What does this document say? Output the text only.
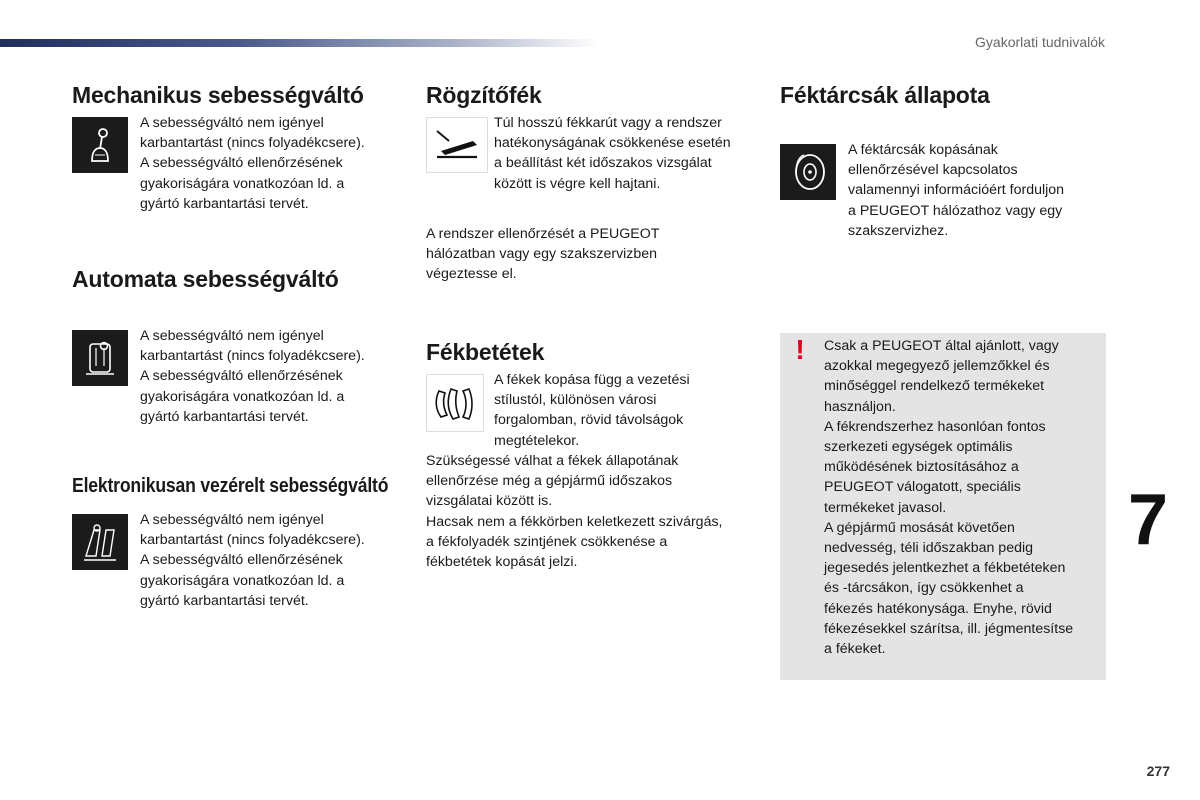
Gyakorlati tudnivalók
Mechanikus sebességváltó
A sebességváltó nem igényel
karbantartást (nincs folyadékcsere).
A sebességváltó ellenőrzésének
gyakoriságára vonatkozóan ld. a
gyártó karbantartási tervét.
Automata sebességváltó
A sebességváltó nem igényel
karbantartást (nincs folyadékcsere).
A sebességváltó ellenőrzésének
gyakoriságára vonatkozóan ld. a
gyártó karbantartási tervét.
Elektronikusan vezérelt sebességváltó
A sebességváltó nem igényel
karbantartást (nincs folyadékcsere).
A sebességváltó ellenőrzésének
gyakoriságára vonatkozóan ld. a
gyártó karbantartási tervét.
Rögzítőfék
Túl hosszú fékkarút vagy a rendszer
hatékonyságának csökkenése esetén
a beállítást két időszakos vizsgálat
között is végre kell hajtani.
A rendszer ellenőrzését a PEUGEOT
hálózatban vagy egy szakszervizben
végeztesse el.
Fékbetétek
A fékek kopása függ a vezetési
stílustól, különösen városi
forgalomban, rövid távolságok
megtételekor.
Szükségessé válhat a fékek állapotának
ellenőrzése még a gépjármű időszakos
vizsgálatai között is.
Hacsak nem a fékkörben keletkezett szivárgás,
a fékfolyadék szintjének csökkenése a
fékbetétek kopását jelzi.
Féktárcsák állapota
A féktárcsák kopásának
ellenőrzésével kapcsolatos
valamennyi információért forduljon
a PEUGEOT hálózathoz vagy egy
szakszervizhez.
! Csak a PEUGEOT által ajánlott, vagy
azokkal megegyező jellemzőkkel és
minőséggel rendelkező termékeket
használjon.
A fékrendszerhez hasonlóan fontos
szerkezeti egységek optimális
működésének biztosításához a
PEUGEOT válogatott, speciális
termékeket javasol.
A gépjármű mosását követően
nedvesség, téli időszakban pedig
jegesedés jelentkezhet a fékbetéteken
és -tárcsákon, így csökkenhet a
fékezés hatékonysága. Enyhe, rövid
fékezésekkel szárítsa, ill. jégmentesítse
a fékeket.
7
277
